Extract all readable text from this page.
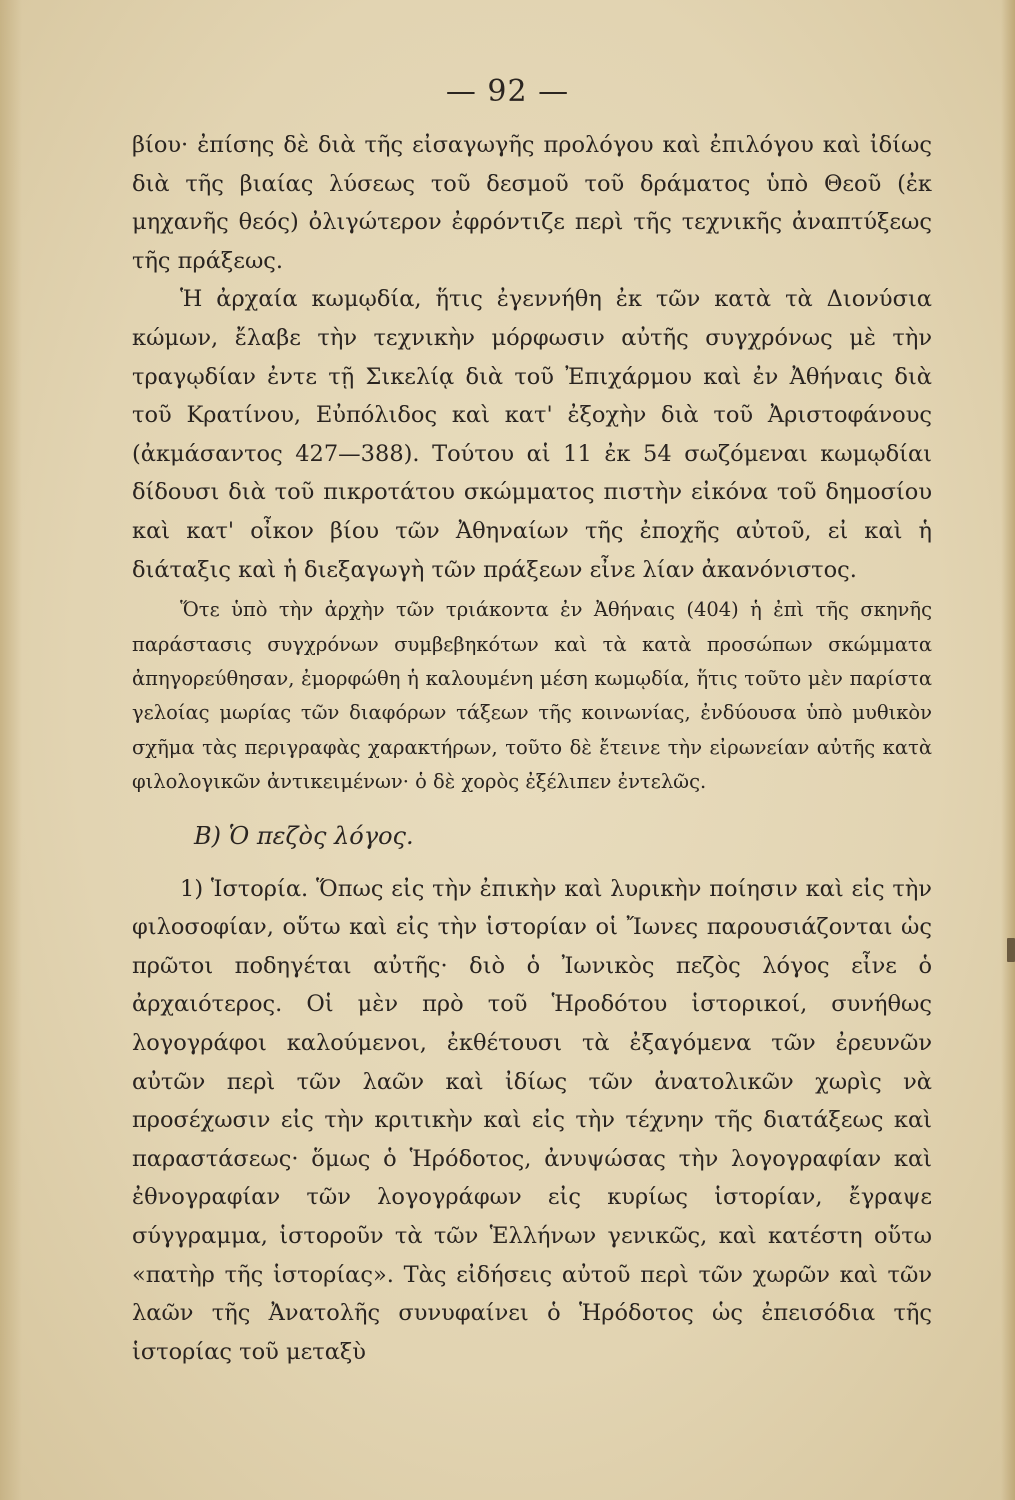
— 92 —

βίου· ἐπίσης δὲ διὰ τῆς εἰσαγωγῆς προλόγου καὶ ἐπιλόγου καὶ ἰδίως διὰ τῆς βιαίας λύσεως τοῦ δεσμοῦ τοῦ δράματος ὑπὸ Θεοῦ (ἐκ μηχανῆς θεός) ὀλιγώτερον ἐφρόντιζε περὶ τῆς τεχνικῆς ἀναπτύξεως τῆς πράξεως.

Ἡ ἀρχαία κωμῳδία, ἥτις ἐγεννήθη ἐκ τῶν κατὰ τὰ Διονύσια κώμων, ἔλαβε τὴν τεχνικὴν μόρφωσιν αὐτῆς συγχρόνως μὲ τὴν τραγῳδίαν ἐντε τῇ Σικελίᾳ διὰ τοῦ Ἐπιχάρμου καὶ ἐν Ἀθήναις διὰ τοῦ Κρατίνου, Εὐπόλιδος καὶ κατ' ἐξοχὴν διὰ τοῦ Ἀριστοφάνους (ἀκμάσαντος 427—388). Τούτου αἱ 11 ἐκ 54 σωζόμεναι κωμῳδίαι δίδουσι διὰ τοῦ πικροτάτου σκώμματος πιστὴν εἰκόνα τοῦ δημοσίου καὶ κατ' οἶκον βίου τῶν Ἀθηναίων τῆς ἐποχῆς αὐτοῦ, εἰ καὶ ἡ διάταξις καὶ ἡ διεξαγωγὴ τῶν πράξεων εἶνε λίαν ἀκανόνιστος.

Ὅτε ὑπὸ τὴν ἀρχὴν τῶν τριάκοντα ἐν Ἀθήναις (404) ἡ ἐπὶ τῆς σκηνῆς παράστασις συγχρόνων συμβεβηκότων καὶ τὰ κατὰ προσώπων σκώμματα ἀπηγορεύθησαν, ἐμορφώθη ἡ καλουμένη μέση κωμῳδία, ἥτις τοῦτο μὲν παρίστα γελοίας μωρίας τῶν διαφόρων τάξεων τῆς κοινωνίας, ἐνδύουσα ὑπὸ μυθικὸν σχῆμα τὰς περιγραφὰς χαρακτήρων, τοῦτο δὲ ἔτεινε τὴν εἰρωνείαν αὐτῆς κατὰ φιλολογικῶν ἀντικειμένων· ὁ δὲ χορὸς ἐξέλιπεν ἐντελῶς.

Β) Ὁ πεζὸς λόγος.

1) Ἱστορία. Ὅπως εἰς τὴν ἐπικὴν καὶ λυρικὴν ποίησιν καὶ εἰς τὴν φιλοσοφίαν, οὕτω καὶ εἰς τὴν ἱστορίαν οἱ Ἴωνες παρουσιάζονται ὡς πρῶτοι ποδηγέται αὐτῆς· διὸ ὁ Ἰωνικὸς πεζὸς λόγος εἶνε ὁ ἀρχαιότερος. Οἱ μὲν πρὸ τοῦ Ἡροδότου ἱστορικοί, συνήθως λογογράφοι καλούμενοι, ἐκθέτουσι τὰ ἐξαγόμενα τῶν ἐρευνῶν αὐτῶν περὶ τῶν λαῶν καὶ ἰδίως τῶν ἀνατολικῶν χωρὶς νὰ προσέχωσιν εἰς τὴν κριτικὴν καὶ εἰς τὴν τέχνην τῆς διατάξεως καὶ παραστάσεως· ὅμως ὁ Ἡρόδοτος, ἀνυψώσας τὴν λογογραφίαν καὶ ἐθνογραφίαν τῶν λογογράφων εἰς κυρίως ἱστορίαν, ἔγραψε σύγγραμμα, ἱστοροῦν τὰ τῶν Ἑλλήνων γενικῶς, καὶ κατέστη οὕτω «πατὴρ τῆς ἱστορίας». Τὰς εἰδήσεις αὐτοῦ περὶ τῶν χωρῶν καὶ τῶν λαῶν τῆς Ἀνατολῆς συνυφαίνει ὁ Ἡρόδοτος ὡς ἐπεισόδια τῆς ἱστορίας τοῦ μεταξὺ
